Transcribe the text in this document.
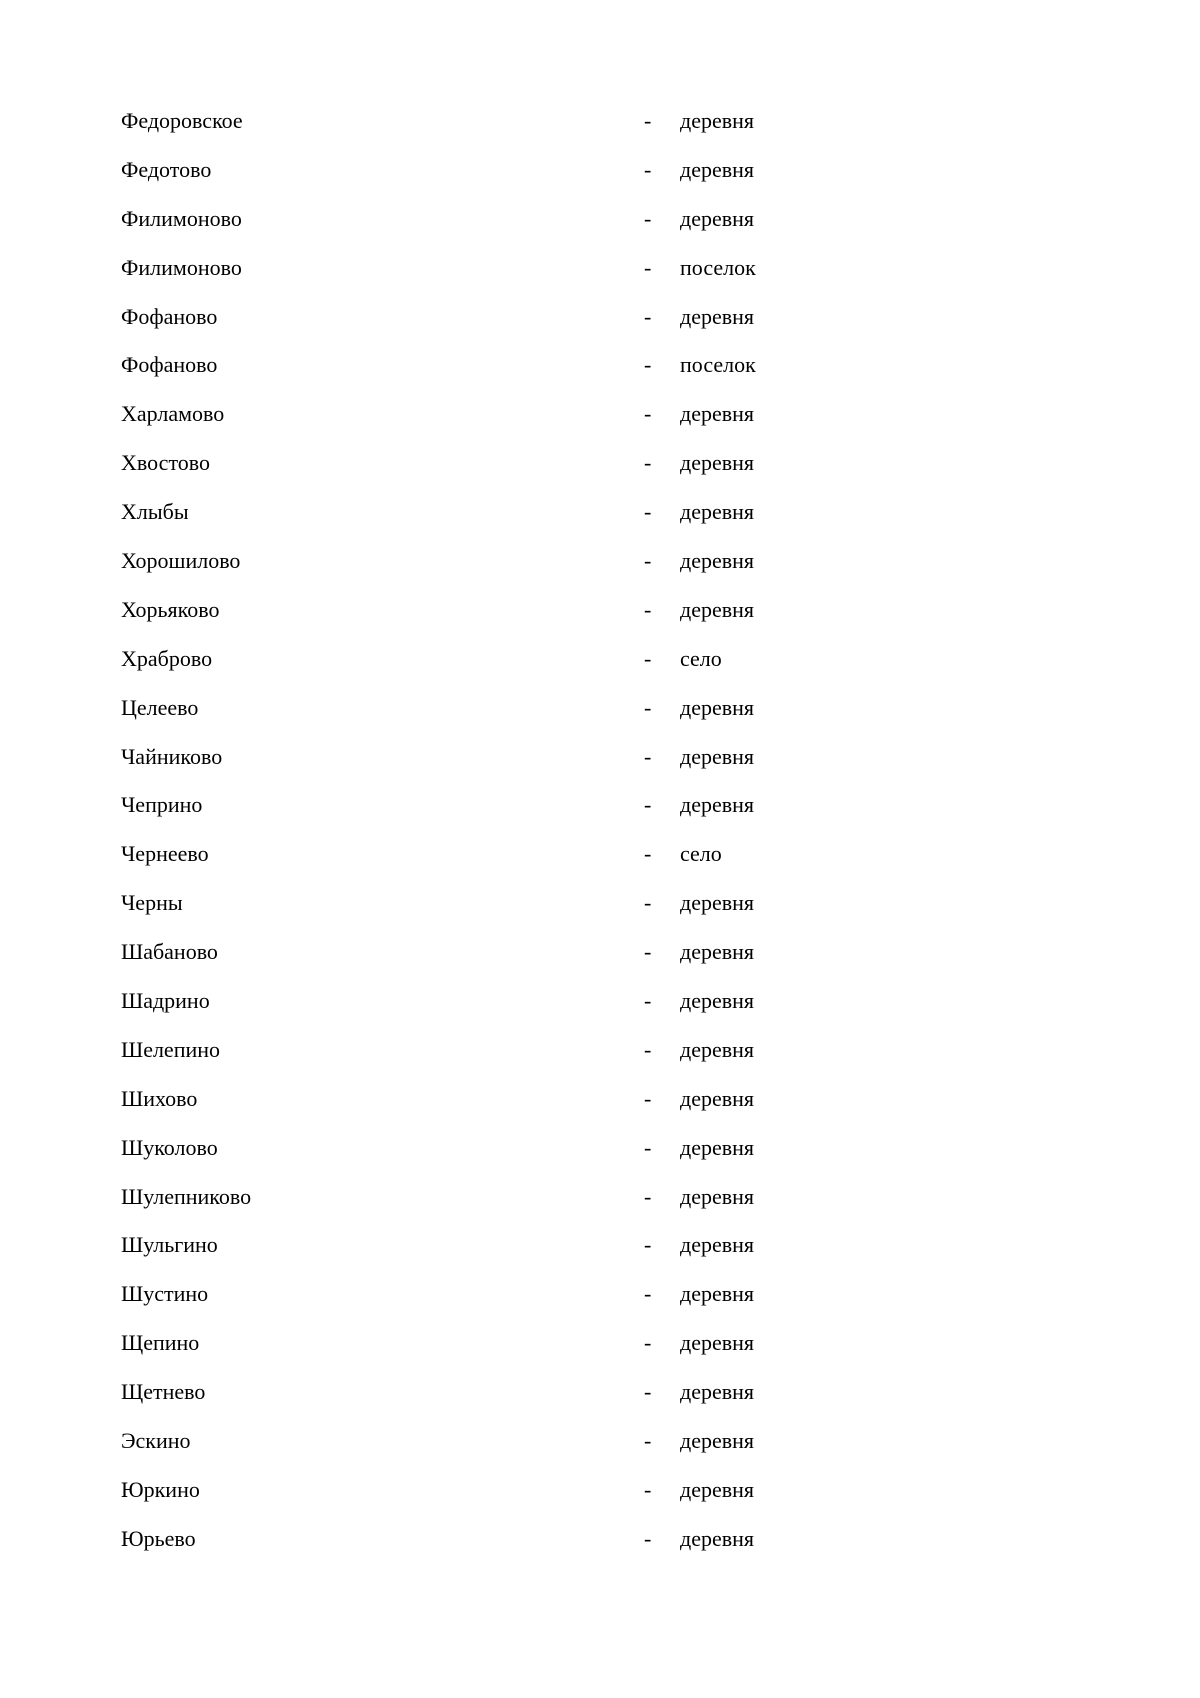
Федоровское	- деревня
Федотово	- деревня
Филимоново	- деревня
Филимоново	- поселок
Фофаново	- деревня
Фофаново	- поселок
Харламово	- деревня
Хвостово	- деревня
Хлыбы	- деревня
Хорошилово	- деревня
Хорьяково	- деревня
Храброво	- село
Целеево	- деревня
Чайниково	- деревня
Чеприно	- деревня
Чернеево	- село
Черны	- деревня
Шабаново	- деревня
Шадрино	- деревня
Шелепино	- деревня
Шихово	- деревня
Шуколово	- деревня
Шулепниково	- деревня
Шульгино	- деревня
Шустино	- деревня
Щепино	- деревня
Щетнево	- деревня
Эскино	- деревня
Юркино	- деревня
Юрьево	- деревня
